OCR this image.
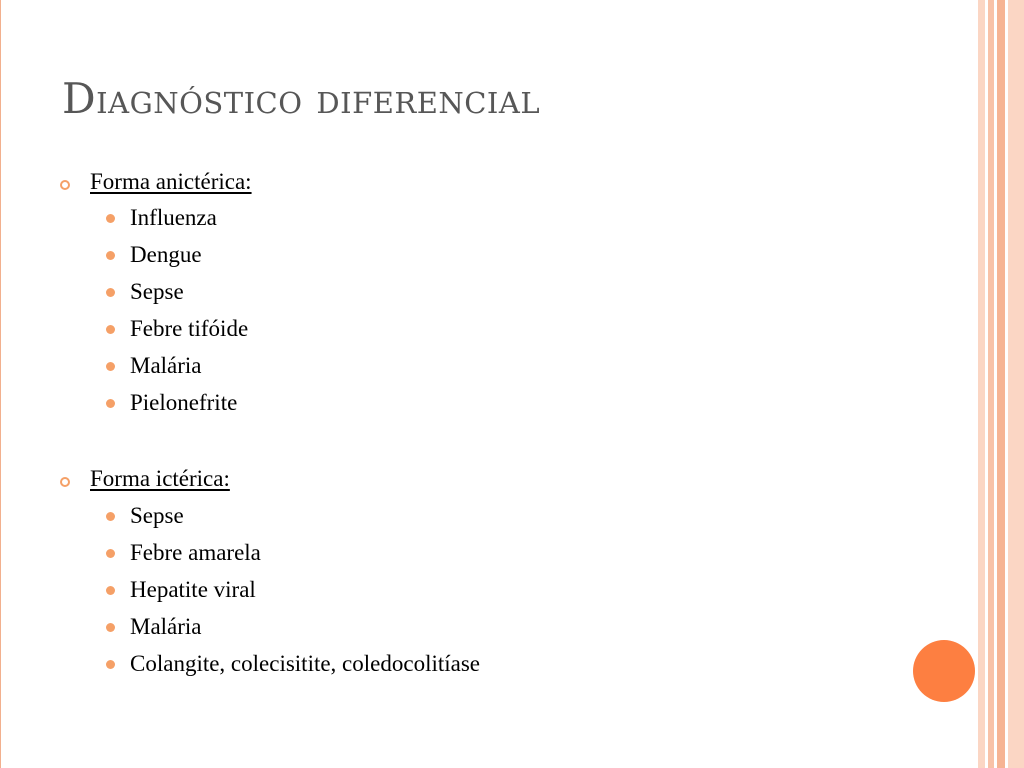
Diagnóstico diferencial
Forma anictérica:
Influenza
Dengue
Sepse
Febre tifóide
Malária
Pielonefrite
Forma ictérica:
Sepse
Febre amarela
Hepatite viral
Malária
Colangite, colecisitite, coledocolitíase
